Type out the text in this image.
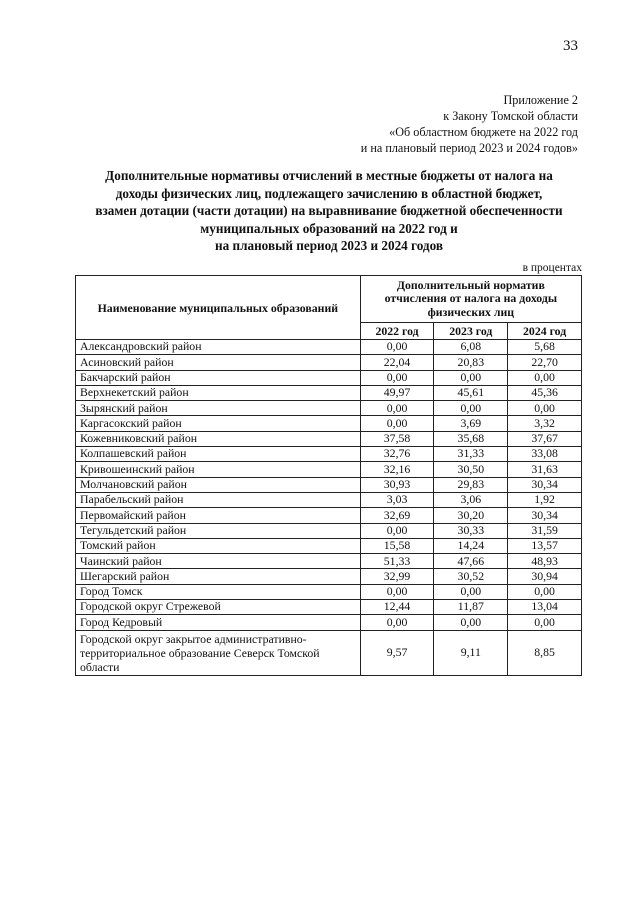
33
Приложение 2
к Закону Томской области
«Об областном бюджете на 2022 год
и на плановый период 2023 и 2024 годов»
Дополнительные нормативы отчислений в местные бюджеты от налога на
доходы физических лиц, подлежащего зачислению в областной бюджет,
взамен дотации (части дотации) на выравнивание бюджетной обеспеченности
муниципальных образований на 2022 год и
на плановый период 2023 и 2024 годов
в процентах
Наименование муниципальных образований	Дополнительный норматив отчисления от налога на доходы физических лиц		
	2022 год	2023 год	2024 год
Александровский район	0,00	6,08	5,68
Асиновский район	22,04	20,83	22,70
Бакчарский район	0,00	0,00	0,00
Верхнекетский район	49,97	45,61	45,36
Зырянский район	0,00	0,00	0,00
Каргасокский район	0,00	3,69	3,32
Кожевниковский район	37,58	35,68	37,67
Колпашевский район	32,76	31,33	33,08
Кривошеинский район	32,16	30,50	31,63
Молчановский район	30,93	29,83	30,34
Парабельский район	3,03	3,06	1,92
Первомайский район	32,69	30,20	30,34
Тегульдетский район	0,00	30,33	31,59
Томский район	15,58	14,24	13,57
Чаинский район	51,33	47,66	48,93
Шегарский район	32,99	30,52	30,94
Город Томск	0,00	0,00	0,00
Городской округ Стрежевой	12,44	11,87	13,04
Город Кедровый	0,00	0,00	0,00
Городской округ закрытое административно-территориальное образование Северск Томской области	9,57	9,11	8,85
